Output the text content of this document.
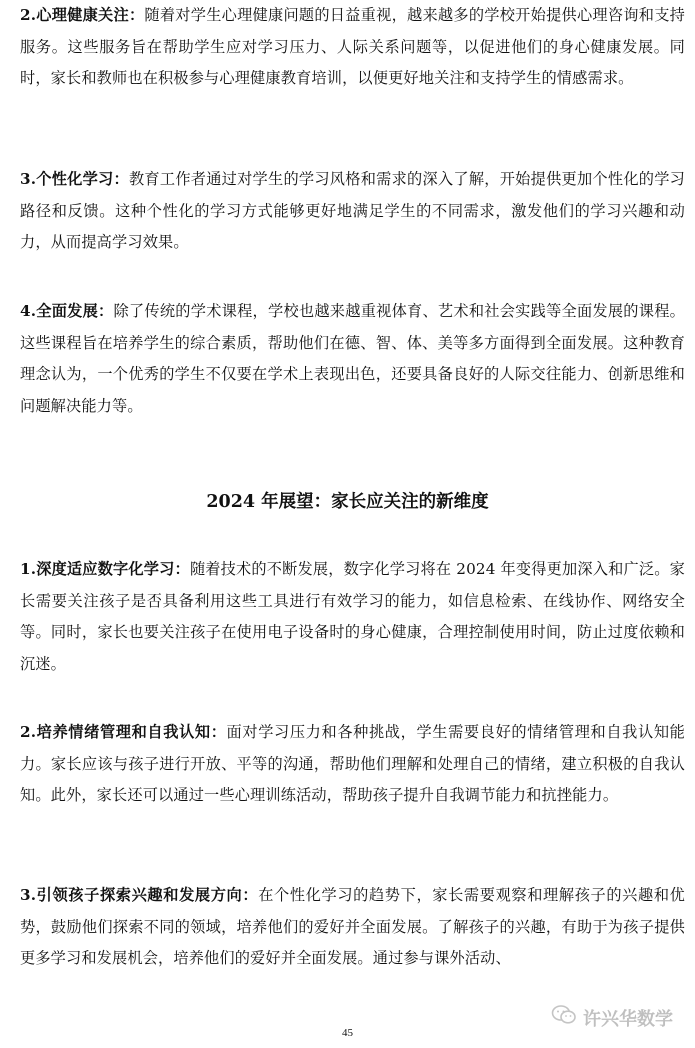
2.心理健康关注：随着对学生心理健康问题的日益重视，越来越多的学校开始提供心理咨询和支持服务。这些服务旨在帮助学生应对学习压力、人际关系问题等，以促进他们的身心健康发展。同时，家长和教师也在积极参与心理健康教育培训，以便更好地关注和支持学生的情感需求。

3.个性化学习：教育工作者通过对学生的学习风格和需求的深入了解，开始提供更加个性化的学习路径和反馈。这种个性化的学习方式能够更好地满足学生的不同需求，激发他们的学习兴趣和动力，从而提高学习效果。

4.全面发展：除了传统的学术课程，学校也越来越重视体育、艺术和社会实践等全面发展的课程。这些课程旨在培养学生的综合素质，帮助他们在德、智、体、美等多方面得到全面发展。这种教育理念认为，一个优秀的学生不仅要在学术上表现出色，还要具备良好的人际交往能力、创新思维和问题解决能力等。

2024 年展望：家长应关注的新维度

1.深度适应数字化学习：随着技术的不断发展，数字化学习将在 2024 年变得更加深入和广泛。家长需要关注孩子是否具备利用这些工具进行有效学习的能力，如信息检索、在线协作、网络安全等。同时，家长也要关注孩子在使用电子设备时的身心健康，合理控制使用时间，防止过度依赖和沉迷。

2.培养情绪管理和自我认知：面对学习压力和各种挑战，学生需要良好的情绪管理和自我认知能力。家长应该与孩子进行开放、平等的沟通，帮助他们理解和处理自己的情绪，建立积极的自我认知。此外，家长还可以通过一些心理训练活动，帮助孩子提升自我调节能力和抗挫能力。

3.引领孩子探索兴趣和发展方向：在个性化学习的趋势下，家长需要观察和理解孩子的兴趣和优势，鼓励他们探索不同的领域，培养他们的爱好并全面发展。了解孩子的兴趣，有助于为孩子提供更多学习和发展机会，培养他们的爱好并全面发展。通过参与课外活动、

许兴华数学
45
